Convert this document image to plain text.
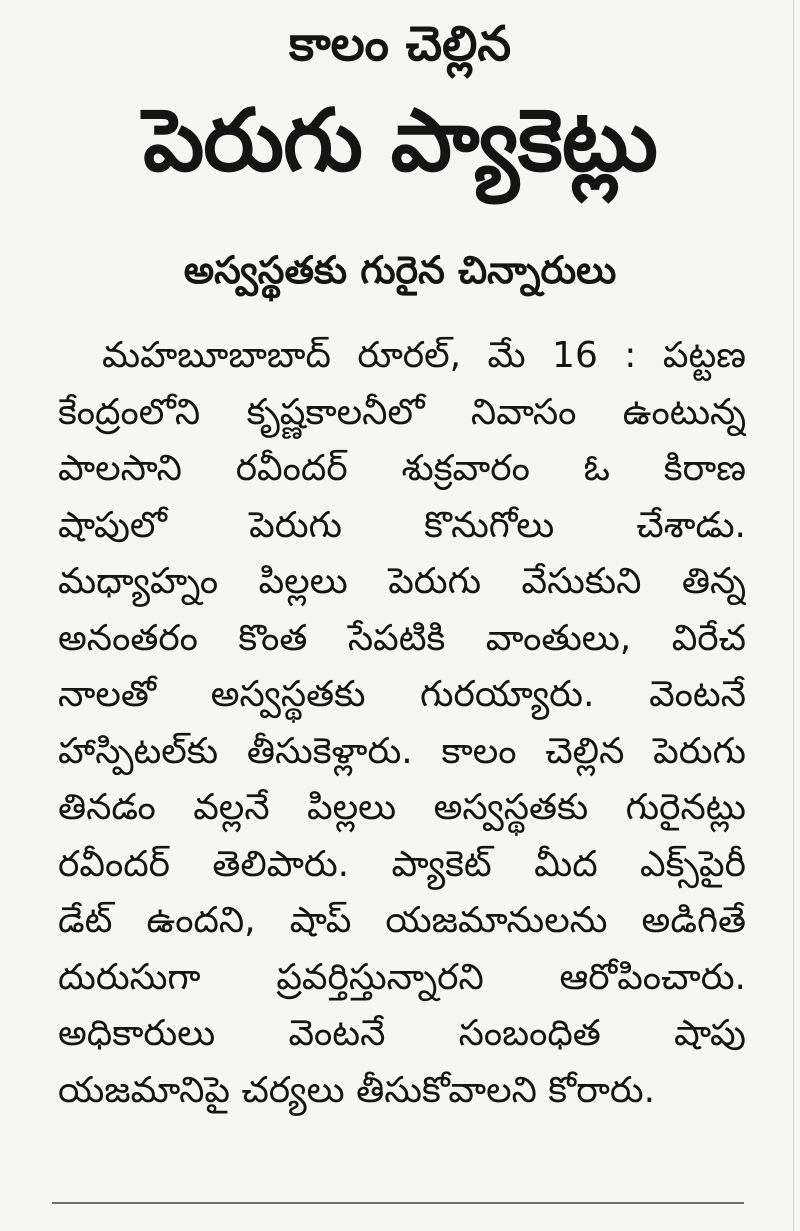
కాలం చెల్లిన
పెరుగు ప్యాకెట్లు
అస్వస్థతకు గురైన చిన్నారులు
మహబూబాబాద్ రూరల్, మే 16 : పట్టణ
కేంద్రంలోని కృష్ణకాలనీలో నివాసం ఉంటున్న
పాలసాని రవీందర్ శుక్రవారం ఓ కిరాణ
షాపులో పెరుగు కొనుగోలు చేశాడు.
మధ్యాహ్నం పిల్లలు పెరుగు వేసుకుని తిన్న
అనంతరం కొంత సేపటికి వాంతులు, విరేచ
నాలతో అస్వస్థతకు గురయ్యారు. వెంటనే
హాస్పిటల్‌కు తీసుకెళ్లారు. కాలం చెల్లిన పెరుగు
తినడం వల్లనే పిల్లలు అస్వస్థతకు గురైనట్లు
రవీందర్ తెలిపారు. ప్యాకెట్ మీద ఎక్స్‌పైరీ
డేట్ ఉందని, షాప్ యజమానులను అడిగితే
దురుసుగా ప్రవర్తిస్తున్నారని ఆరోపించారు.
అధికారులు వెంటనే సంబంధిత షాపు
యజమానిపై చర్యలు తీసుకోవాలని కోరారు.
